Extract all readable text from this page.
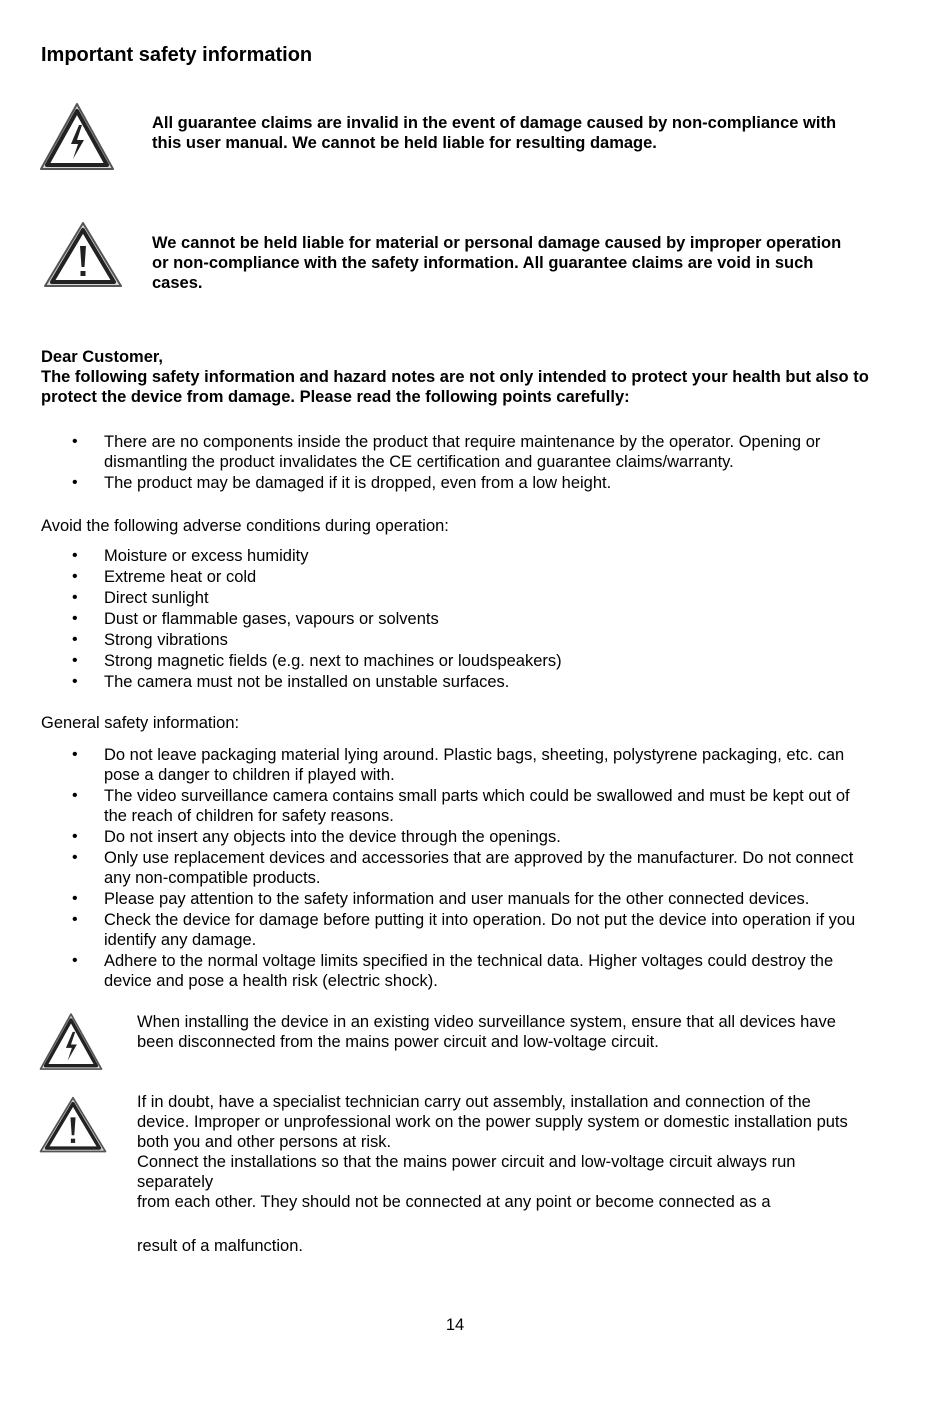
Important safety information

All guarantee claims are invalid in the event of damage caused by non-compliance with this user manual. We cannot be held liable for resulting damage.

We cannot be held liable for material or personal damage caused by improper operation or non-compliance with the safety information. All guarantee claims are void in such cases.

Dear Customer,

The following safety information and hazard notes are not only intended to protect your health but also to protect the device from damage. Please read the following points carefully:

• There are no components inside the product that require maintenance by the operator. Opening or dismantling the product invalidates the CE certification and guarantee claims/warranty.
• The product may be damaged if it is dropped, even from a low height.

Avoid the following adverse conditions during operation:

• Moisture or excess humidity
• Extreme heat or cold
• Direct sunlight
• Dust or flammable gases, vapours or solvents
• Strong vibrations
• Strong magnetic fields (e.g. next to machines or loudspeakers)
• The camera must not be installed on unstable surfaces.

General safety information:

• Do not leave packaging material lying around. Plastic bags, sheeting, polystyrene packaging, etc. can pose a danger to children if played with.
• The video surveillance camera contains small parts which could be swallowed and must be kept out of the reach of children for safety reasons.
• Do not insert any objects into the device through the openings.
• Only use replacement devices and accessories that are approved by the manufacturer. Do not connect any non-compatible products.
• Please pay attention to the safety information and user manuals for the other connected devices.
• Check the device for damage before putting it into operation. Do not put the device into operation if you identify any damage.
• Adhere to the normal voltage limits specified in the technical data. Higher voltages could destroy the device and pose a health risk (electric shock).

When installing the device in an existing video surveillance system, ensure that all devices have been disconnected from the mains power circuit and low-voltage circuit.

If in doubt, have a specialist technician carry out assembly, installation and connection of the device. Improper or unprofessional work on the power supply system or domestic installation puts both you and other persons at risk.

Connect the installations so that the mains power circuit and low-voltage circuit always run separately

from each other. They should not be connected at any point or become connected as a

result of a malfunction.

14
